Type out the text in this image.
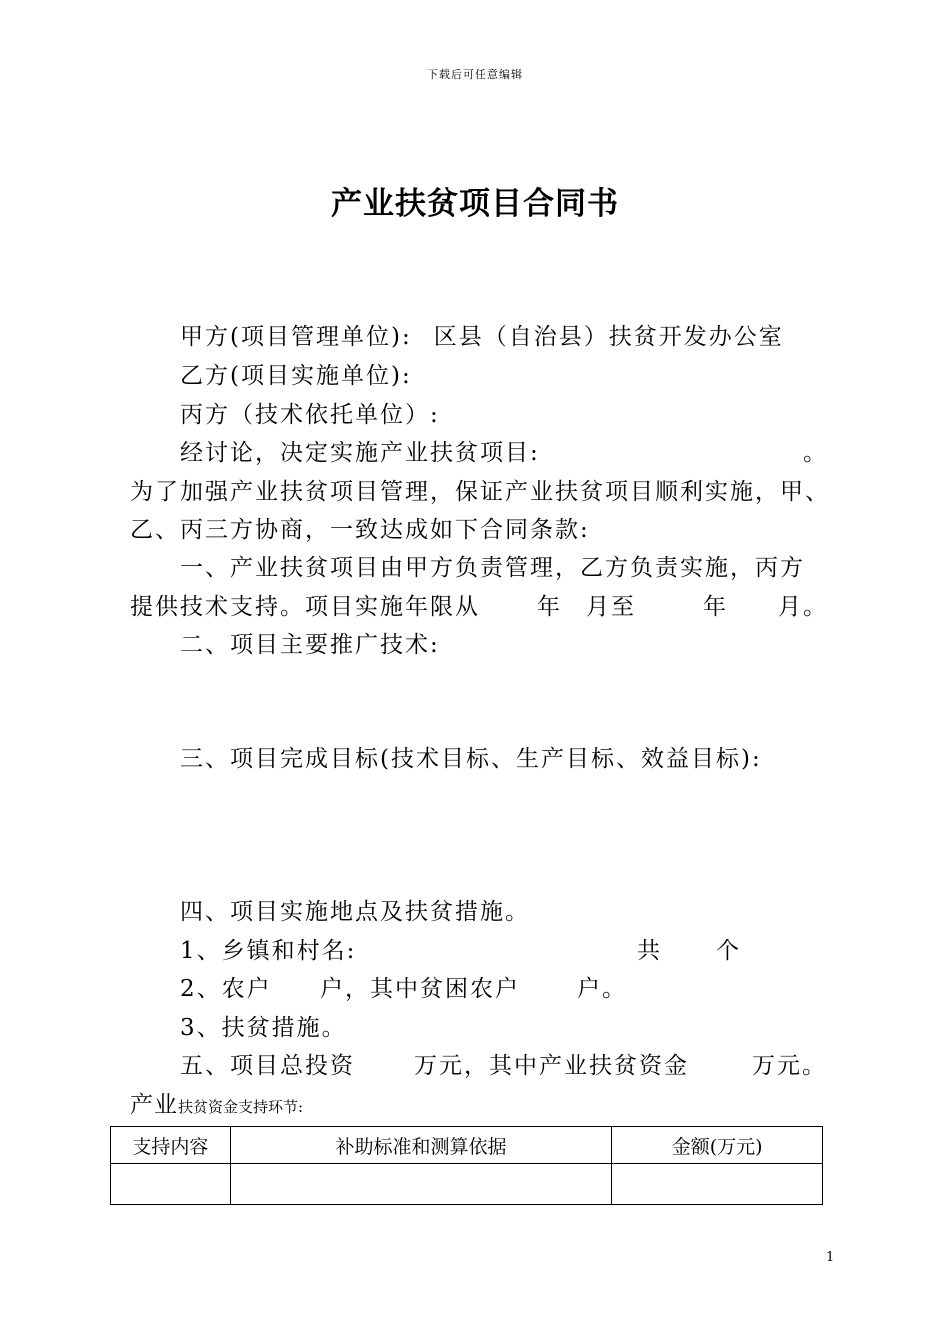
下载后可任意编辑
产业扶贫项目合同书
甲方(项目管理单位): 区县（自治县）扶贫开发办公室
乙方(项目实施单位):
丙方（技术依托单位）:
经讨论，决定实施产业扶贫项目:	。
为了加强产业扶贫项目管理，保证产业扶贫项目顺利实施，甲、
乙、丙三方协商，一致达成如下合同条款:
一、产业扶贫项目由甲方负责管理，乙方负责实施，丙方
提供技术支持。项目实施年限从 年 月至	年 月。
二、项目主要推广技术:
三、项目完成目标(技术目标、生产目标、效益目标):
四、项目实施地点及扶贫措施。
1、乡镇和村名:	共 个
2、农户 户，其中贫困农户 户。
3、扶贫措施。
五、项目总投资	万元，其中产业扶贫资金	万元。
产业扶贫资金支持环节:
支持内容	补助标准和测算依据	金额(万元)

1
